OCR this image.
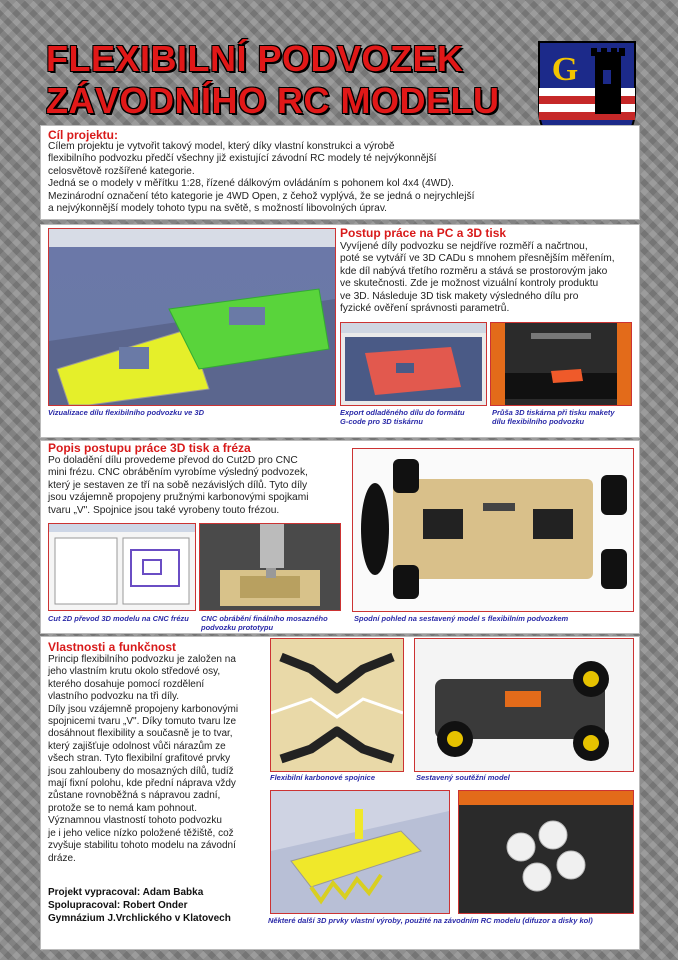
FLEXIBILNÍ PODVOZEK
ZÁVODNÍHO RC MODELU
G
Cíl projektu:
Cílem projektu je vytvořit takový model, který díky vlastní konstrukci a výrobě
flexibilního podvozku předčí všechny již existující závodní RC modely té nejvýkonnější
celosvětově rozšířené kategorie.
Jedná se o modely v měřítku 1:28, řízené dálkovým ovládáním s pohonem kol 4x4 (4WD).
Mezinárodní označení této kategorie je 4WD Open, z čehož vyplývá, že se jedná o nejrychlejší
a nejvýkonnější modely tohoto typu na světě, s možností libovolných úprav.
Vizualizace dílu flexibilního podvozku ve 3D
Postup práce na PC a 3D tisk
Vyvíjené díly podvozku se nejdříve rozměří a načrtnou,
poté se vytváří ve 3D CADu s mnohem přesnějším měřením,
kde díl nabývá třetího rozměru a stává se prostorovým jako
ve skutečnosti. Zde je možnost vizuální kontroly produktu
ve 3D. Následuje 3D tisk makety výsledného dílu pro
fyzické ověření správnosti parametrů.
Export odladěného dílu do formátu
G-code pro 3D tiskárnu
Průša 3D tiskárna při tisku makety
dílu flexibilního podvozku
Popis postupu práce 3D tisk a fréza
Po doladění dílu provedeme převod do Cut2D pro CNC
mini frézu. CNC obráběním vyrobíme výsledný podvozek,
který je sestaven ze tří na sobě nezávislých dílů. Tyto díly
jsou vzájemně propojeny pružnými karbonovými spojkami
tvaru „V". Spojnice jsou také vyrobeny touto frézou.
Cut 2D převod 3D modelu na CNC frézu CNC obrábění finálního mosazného
podvozku prototypu
Spodní pohled na sestavený model s flexibilním podvozkem
Vlastnosti a funkčnost
Princip flexibilního podvozku je založen na
jeho vlastním krutu okolo středové osy,
kterého dosahuje pomocí rozdělení
vlastního podvozku na tři díly.
Díly jsou vzájemně propojeny karbonovými
spojnicemi tvaru „V". Díky tomuto tvaru lze
dosáhnout flexibility a současně je to tvar,
který zajišťuje odolnost vůči nárazům ze
všech stran. Tyto flexibilní grafitové prvky
jsou zahloubeny do mosazných dílů, tudíž
mají fixní polohu, kde přední náprava vždy
zůstane rovnoběžná s nápravou zadní,
protože se to nemá kam pohnout.
Významnou vlastností tohoto podvozku
je i jeho velice nízko položené těžiště, což
zvyšuje stabilitu tohoto modelu na závodní
dráze.
Flexibilní karbonové spojnice	Sestavený soutěžní model
Některé další 3D prvky vlastní výroby, použité na závodním RC modelu (difuzor a disky kol)
Projekt vypracoval: Adam Babka
Spolupracoval: Robert Onder
Gymnázium J.Vrchlického v Klatovech
